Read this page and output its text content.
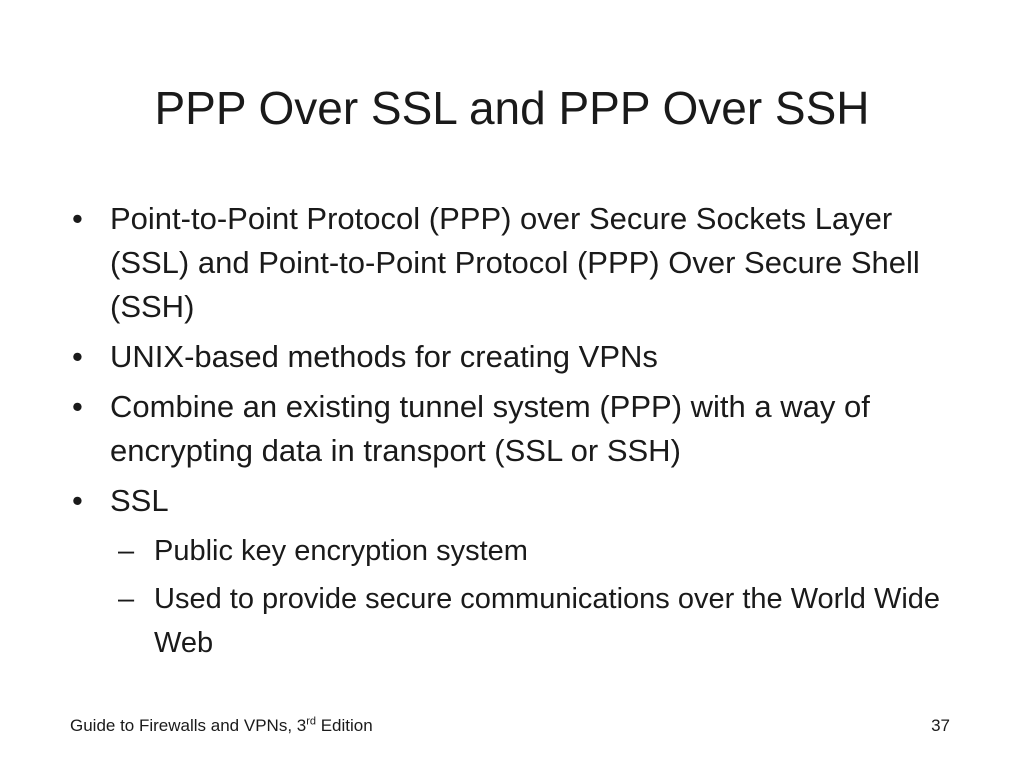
PPP Over SSL and PPP Over SSH
• Point-to-Point Protocol (PPP) over Secure Sockets Layer (SSL) and Point-to-Point Protocol (PPP) Over Secure Shell (SSH)
• UNIX-based methods for creating VPNs
• Combine an existing tunnel system (PPP) with a way of encrypting data in transport (SSL or SSH)
• SSL
– Public key encryption system
– Used to provide secure communications over the World Wide Web
Guide to Firewalls and VPNs, 3rd Edition	37
